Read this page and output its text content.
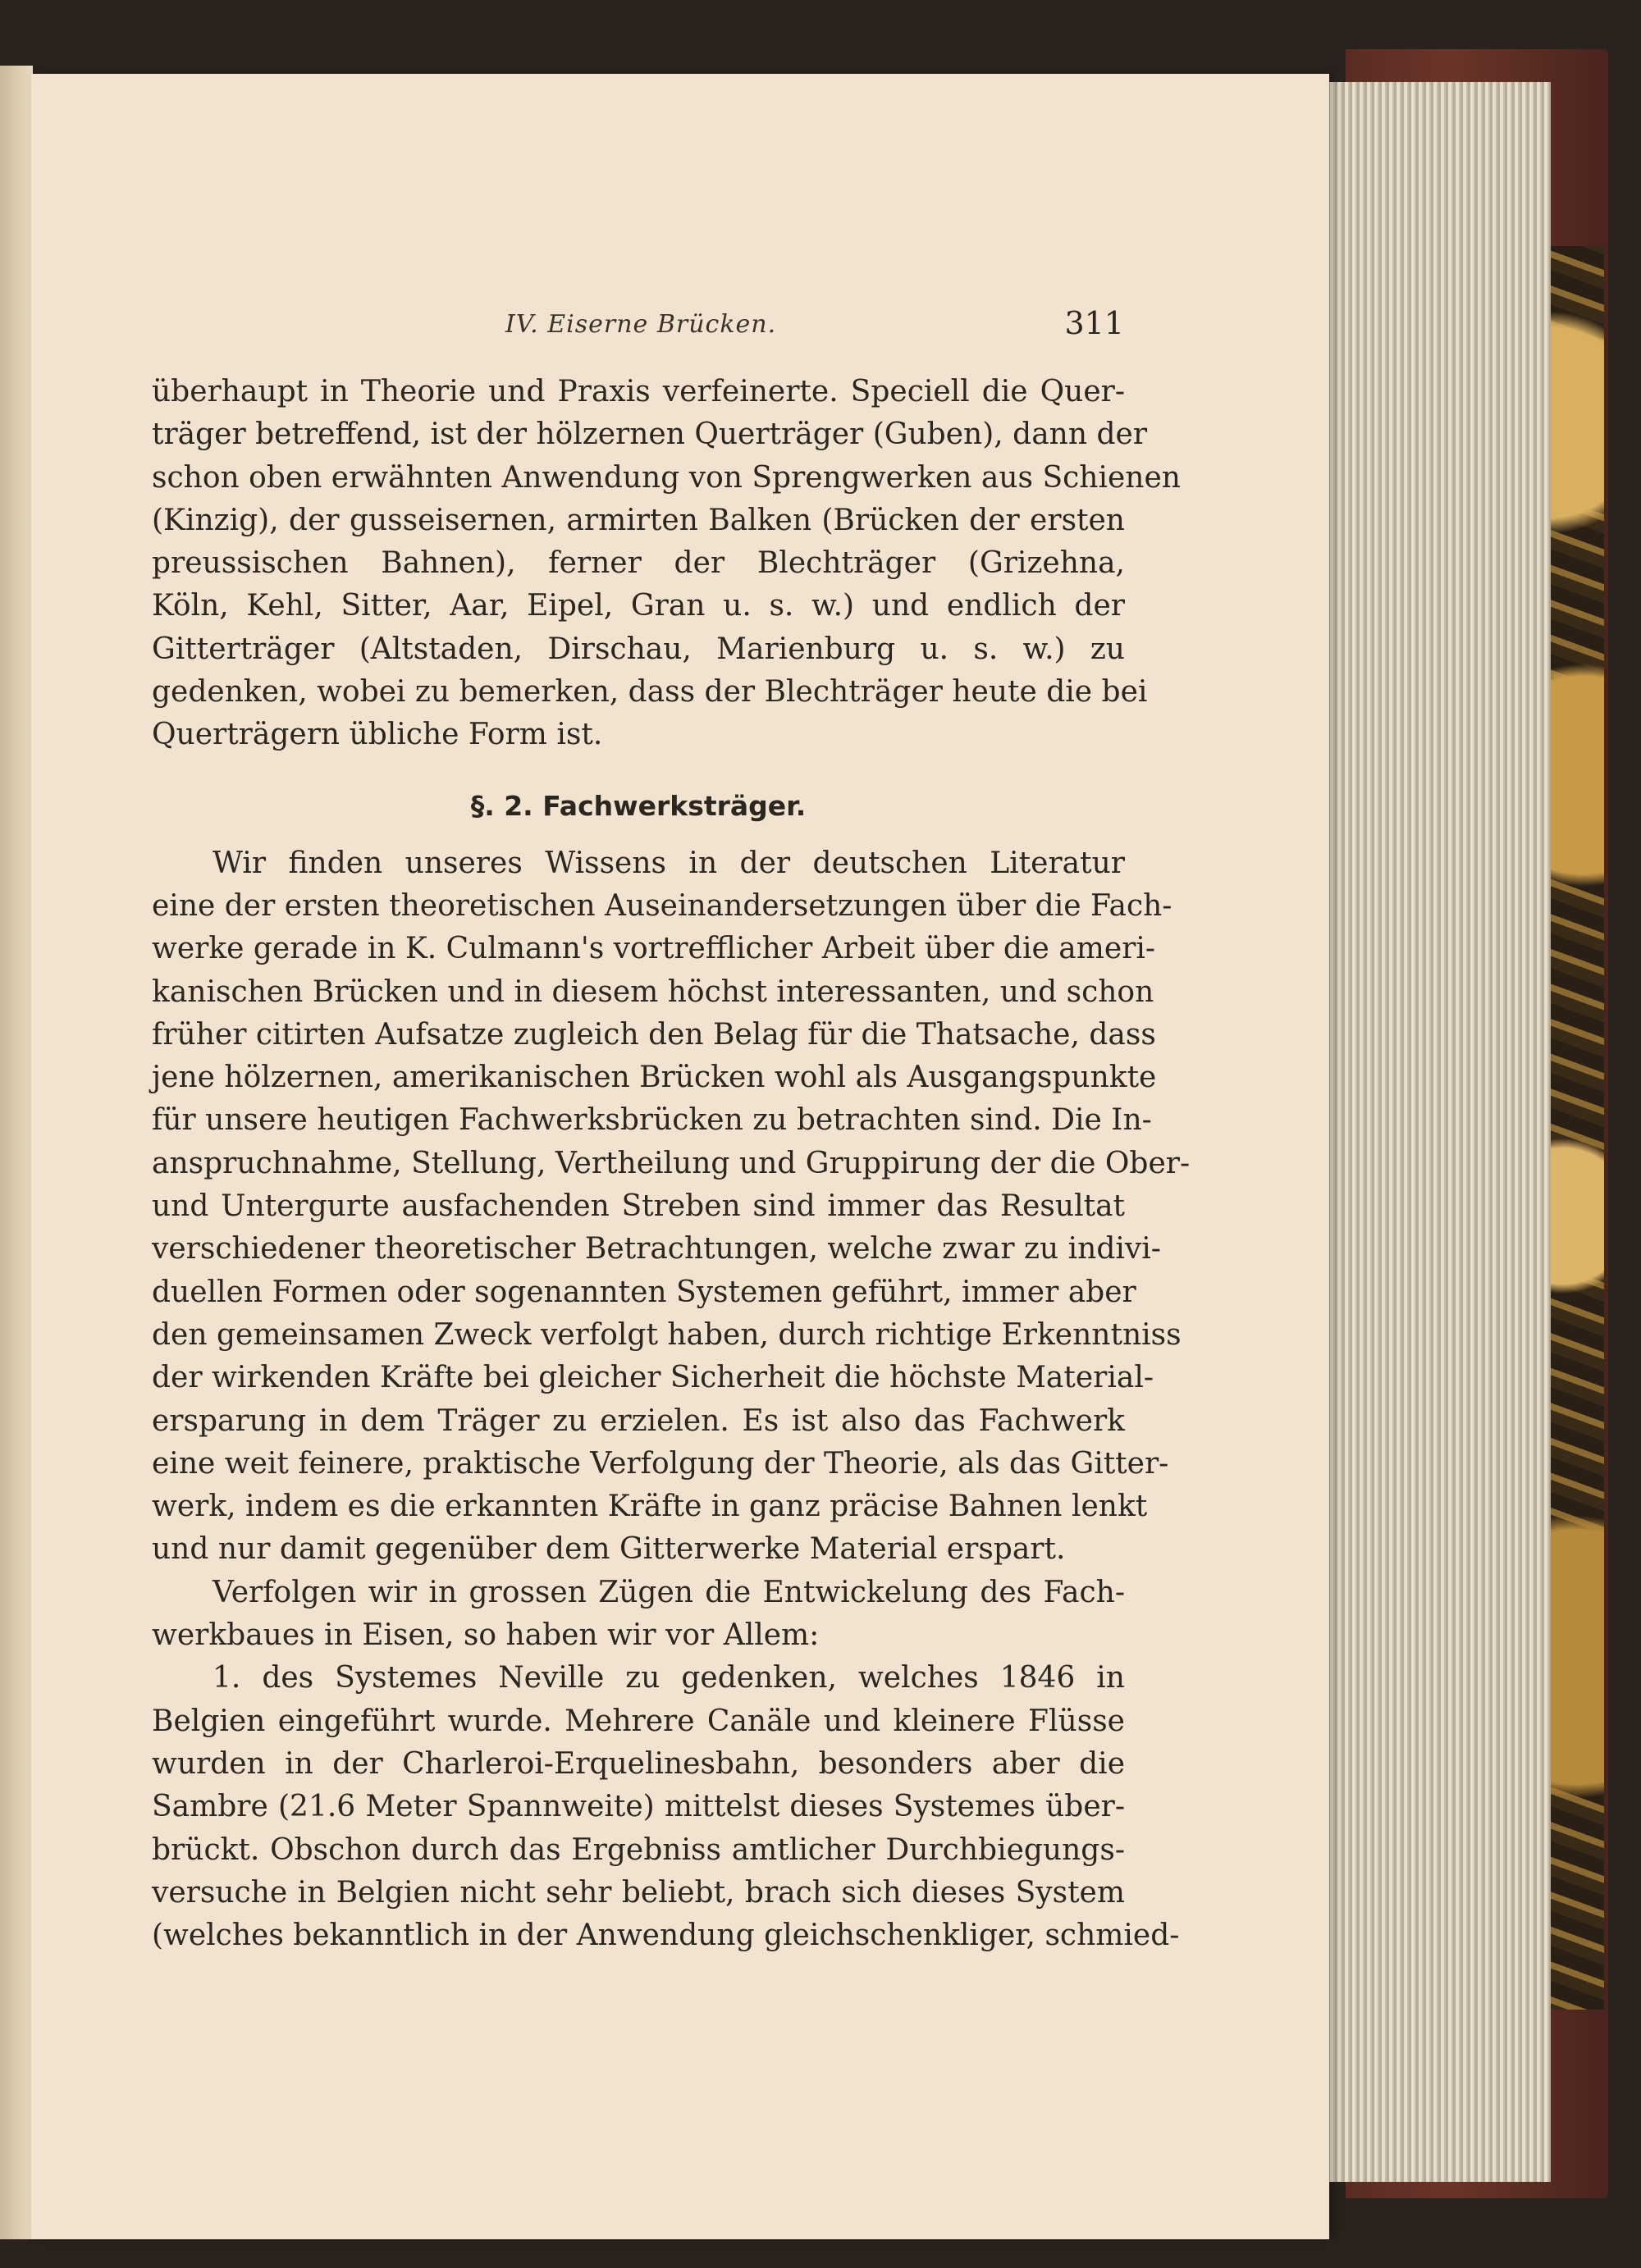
IV. Eiserne Brücken.	311

überhaupt in Theorie und Praxis verfeinerte. Speciell die Quer-

träger betreffend, ist der hölzernen Querträger (Guben), dann der

schon oben erwähnten Anwendung von Sprengwerken aus Schienen

(Kinzig), der gusseisernen, armirten Balken (Brücken der ersten

preussischen Bahnen), ferner der Blechträger (Grizehna,

Köln, Kehl, Sitter, Aar, Eipel, Gran u. s. w.) und endlich der

Gitterträger (Altstaden, Dirschau, Marienburg u. s. w.) zu

gedenken, wobei zu bemerken, dass der Blechträger heute die bei

Querträgern übliche Form ist.

§. 2. Fachwerksträger.

Wir finden unseres Wissens in der deutschen Literatur

eine der ersten theoretischen Auseinandersetzungen über die Fach-

werke gerade in K. Culmann's vortrefflicher Arbeit über die ameri-

kanischen Brücken und in diesem höchst interessanten, und schon

früher citirten Aufsatze zugleich den Belag für die Thatsache, dass

jene hölzernen, amerikanischen Brücken wohl als Ausgangspunkte

für unsere heutigen Fachwerksbrücken zu betrachten sind. Die In-

anspruchnahme, Stellung, Vertheilung und Gruppirung der die Ober-

und Untergurte ausfachenden Streben sind immer das Resultat

verschiedener theoretischer Betrachtungen, welche zwar zu indivi-

duellen Formen oder sogenannten Systemen geführt, immer aber

den gemeinsamen Zweck verfolgt haben, durch richtige Erkenntniss

der wirkenden Kräfte bei gleicher Sicherheit die höchste Material-

ersparung in dem Träger zu erzielen. Es ist also das Fachwerk

eine weit feinere, praktische Verfolgung der Theorie, als das Gitter-

werk, indem es die erkannten Kräfte in ganz präcise Bahnen lenkt

und nur damit gegenüber dem Gitterwerke Material erspart.

Verfolgen wir in grossen Zügen die Entwickelung des Fach-

werkbaues in Eisen, so haben wir vor Allem:

1. des Systemes Neville zu gedenken, welches 1846 in

Belgien eingeführt wurde. Mehrere Canäle und kleinere Flüsse

wurden in der Charleroi-Erquelinesbahn, besonders aber die

Sambre (21.6 Meter Spannweite) mittelst dieses Systemes über-

brückt. Obschon durch das Ergebniss amtlicher Durchbiegungs-

versuche in Belgien nicht sehr beliebt, brach sich dieses System

(welches bekanntlich in der Anwendung gleichschenkliger, schmied-
